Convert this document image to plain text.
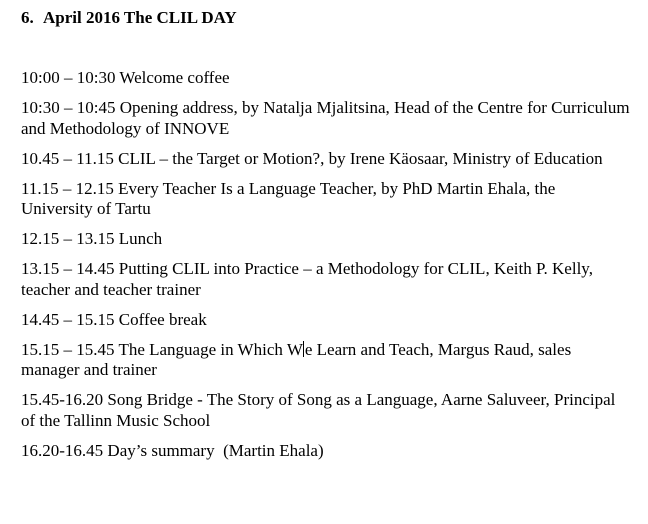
6. April 2016 The CLIL DAY

10:00 – 10:30 Welcome coffee

10:30 – 10:45 Opening address, by Natalja Mjalitsina, Head of the Centre for Curriculum and Methodology of INNOVE

10.45 – 11.15 CLIL – the Target or Motion?, by Irene Käosaar, Ministry of Education

11.15 – 12.15 Every Teacher Is a Language Teacher, by PhD Martin Ehala, the University of Tartu

12.15 – 13.15 Lunch

13.15 – 14.45 Putting CLIL into Practice – a Methodology for CLIL, Keith P. Kelly, teacher and teacher trainer

14.45 – 15.15 Coffee break

15.15 – 15.45 The Language in Which W e Learn and Teach, Margus Raud, sales manager and trainer

15.45-16.20 Song Bridge - The Story of Song as a Language, Aarne Saluveer, Principal of the Tallinn Music School

16.20-16.45 Day’s summary  (Martin Ehala)
